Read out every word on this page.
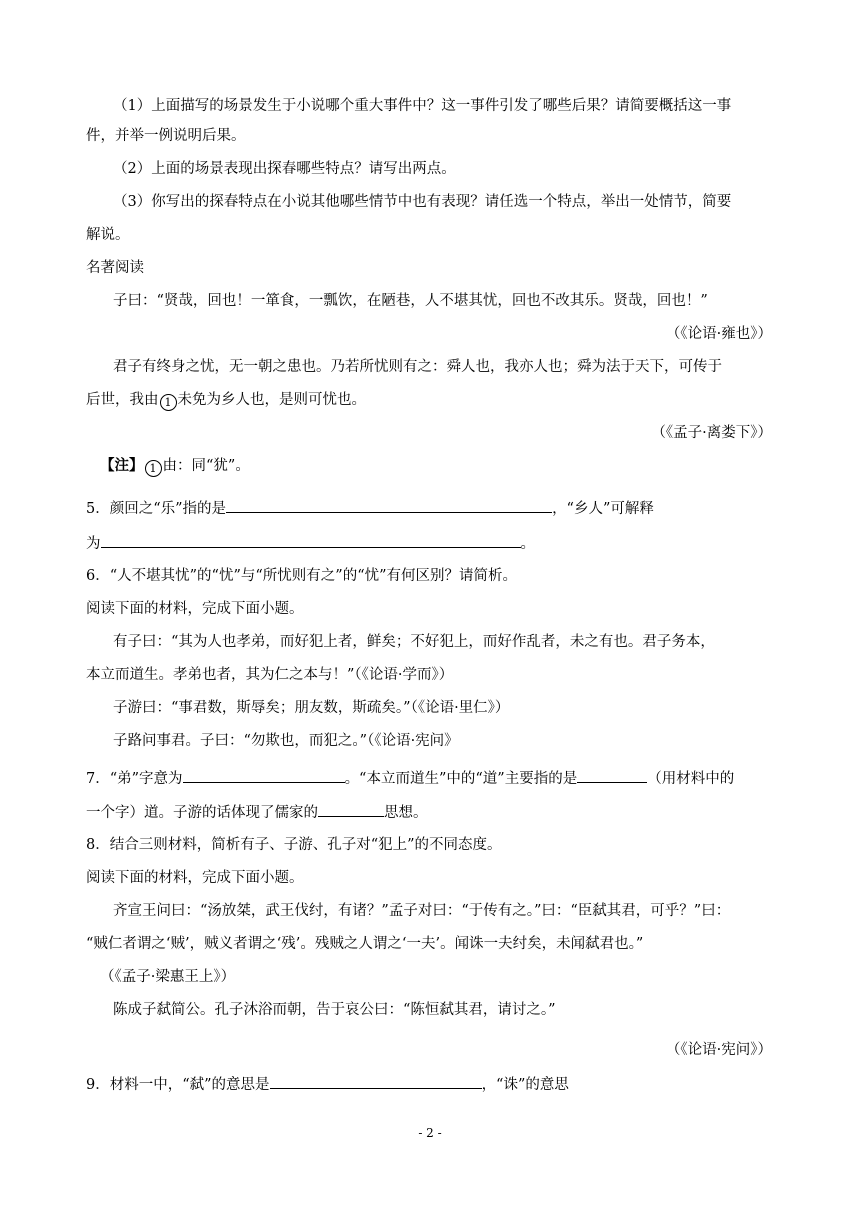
（1）上面描写的场景发生于小说哪个重大事件中？这一事件引发了哪些后果？请简要概括这一事
件，并举一例说明后果。
（2）上面的场景表现出探春哪些特点？请写出两点。
（3）你写出的探春特点在小说其他哪些情节中也有表现？请任选一个特点，举出一处情节，简要
解说。
名著阅读
子曰：“贤哉，回也！一箪食，一瓢饮，在陋巷，人不堪其忧，回也不改其乐。贤哉，回也！”
（《论语·雍也》）
君子有终身之忧，无一朝之患也。乃若所忧则有之：舜人也，我亦人也；舜为法于天下，可传于
后世，我由 1 未免为乡人也，是则可忧也。
（《孟子·离娄下》）
【注】 1 由：同“犹”。
5．颜回之“乐”指的是	，“乡人”可解释
为	。
6．“人不堪其忧”的“忧”与“所忧则有之”的“忧”有何区别？请简析。
阅读下面的材料，完成下面小题。
有子曰：“其为人也孝弟，而好犯上者，鲜矣；不好犯上，而好作乱者，未之有也。君子务本，
本立而道生。孝弟也者，其为仁之本与！”（《论语·学而》）
子游曰：“事君数，斯辱矣；朋友数，斯疏矣。”（《论语·里仁》）
子路问事君。子曰：“勿欺也，而犯之。”（《论语·宪问》
7．“弟”字意为	。“本立而道生”中的“道”主要指的是	（用材料中的
一个字）道。子游的话体现了儒家的	思想。
8．结合三则材料，简析有子、子游、孔子对“犯上”的不同态度。
阅读下面的材料，完成下面小题。
齐宣王问曰：“汤放桀，武王伐纣，有诸？”孟子对曰：“于传有之。”曰：“臣弑其君，可乎？”曰：
“贼仁者谓之‘贼’，贼义者谓之‘残’。残贼之人谓之‘一夫’。闻诛一夫纣矣，未闻弑君也。”
（《孟子·梁惠王上》）
陈成子弑简公。孔子沐浴而朝，告于哀公曰：“陈恒弑其君，请讨之。”
（《论语·宪问》）
9．材料一中，“弑”的意思是	，“诛”的意思
- 2 -
